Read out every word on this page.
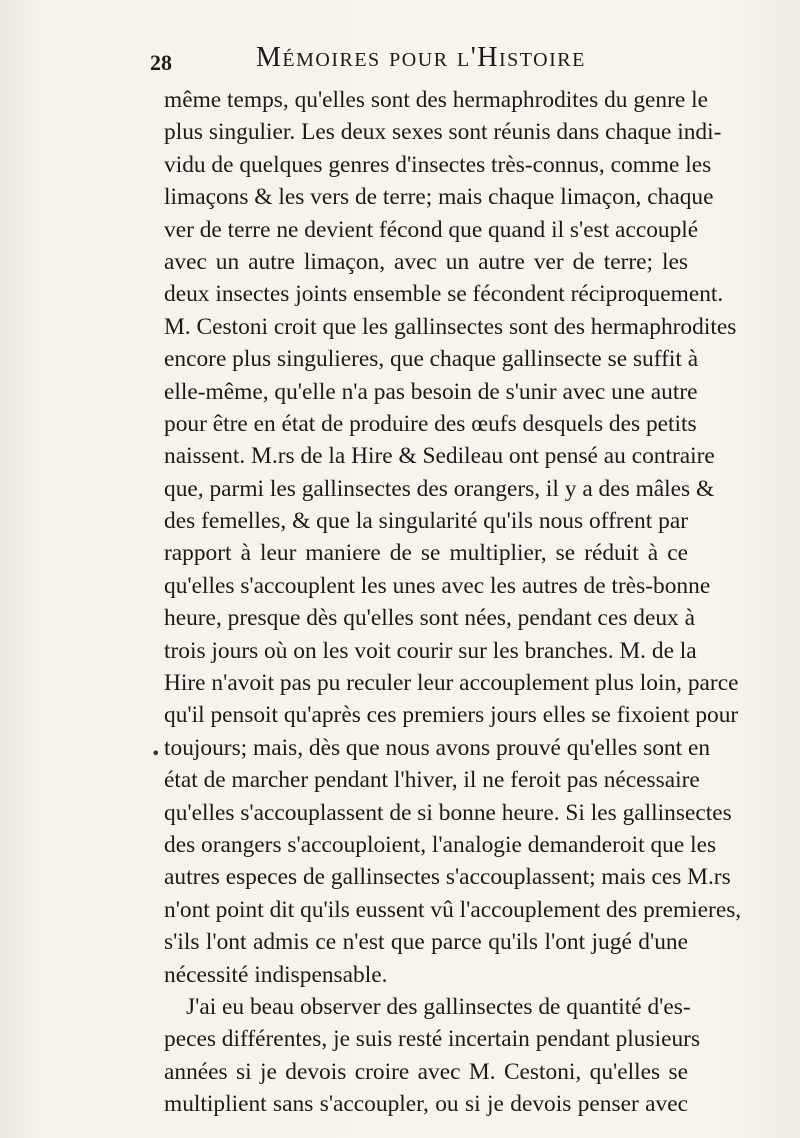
28	Mémoires pour l'Histoire
•
même temps, qu'elles sont des hermaphrodites du genre le
plus singulier. Les deux sexes sont réunis dans chaque indi-
vidu de quelques genres d'insectes très-connus, comme les
limaçons & les vers de terre; mais chaque limaçon, chaque
ver de terre ne devient fécond que quand il s'est accouplé
avec un autre limaçon, avec un autre ver de terre; les
deux insectes joints ensemble se fécondent réciproquement.
M. Cestoni croit que les gallinsectes sont des hermaphrodites
encore plus singulieres, que chaque gallinsecte se suffit à
elle-même, qu'elle n'a pas besoin de s'unir avec une autre
pour être en état de produire des œufs desquels des petits
naissent. M.rs de la Hire & Sedileau ont pensé au contraire
que, parmi les gallinsectes des orangers, il y a des mâles &
des femelles, & que la singularité qu'ils nous offrent par
rapport à leur maniere de se multiplier, se réduit à ce
qu'elles s'accouplent les unes avec les autres de très-bonne
heure, presque dès qu'elles sont nées, pendant ces deux à
trois jours où on les voit courir sur les branches. M. de la
Hire n'avoit pas pu reculer leur accouplement plus loin, parce
qu'il pensoit qu'après ces premiers jours elles se fixoient pour
toujours; mais, dès que nous avons prouvé qu'elles sont en
état de marcher pendant l'hiver, il ne feroit pas nécessaire
qu'elles s'accouplassent de si bonne heure. Si les gallinsectes
des orangers s'accouploient, l'analogie demanderoit que les
autres especes de gallinsectes s'accouplassent; mais ces M.rs
n'ont point dit qu'ils eussent vû l'accouplement des premieres,
s'ils l'ont admis ce n'est que parce qu'ils l'ont jugé d'une
nécessité indispensable.
J'ai eu beau observer des gallinsectes de quantité d'es-
peces différentes, je suis resté incertain pendant plusieurs
années si je devois croire avec M. Cestoni, qu'elles se
multiplient sans s'accoupler, ou si je devois penser avec
